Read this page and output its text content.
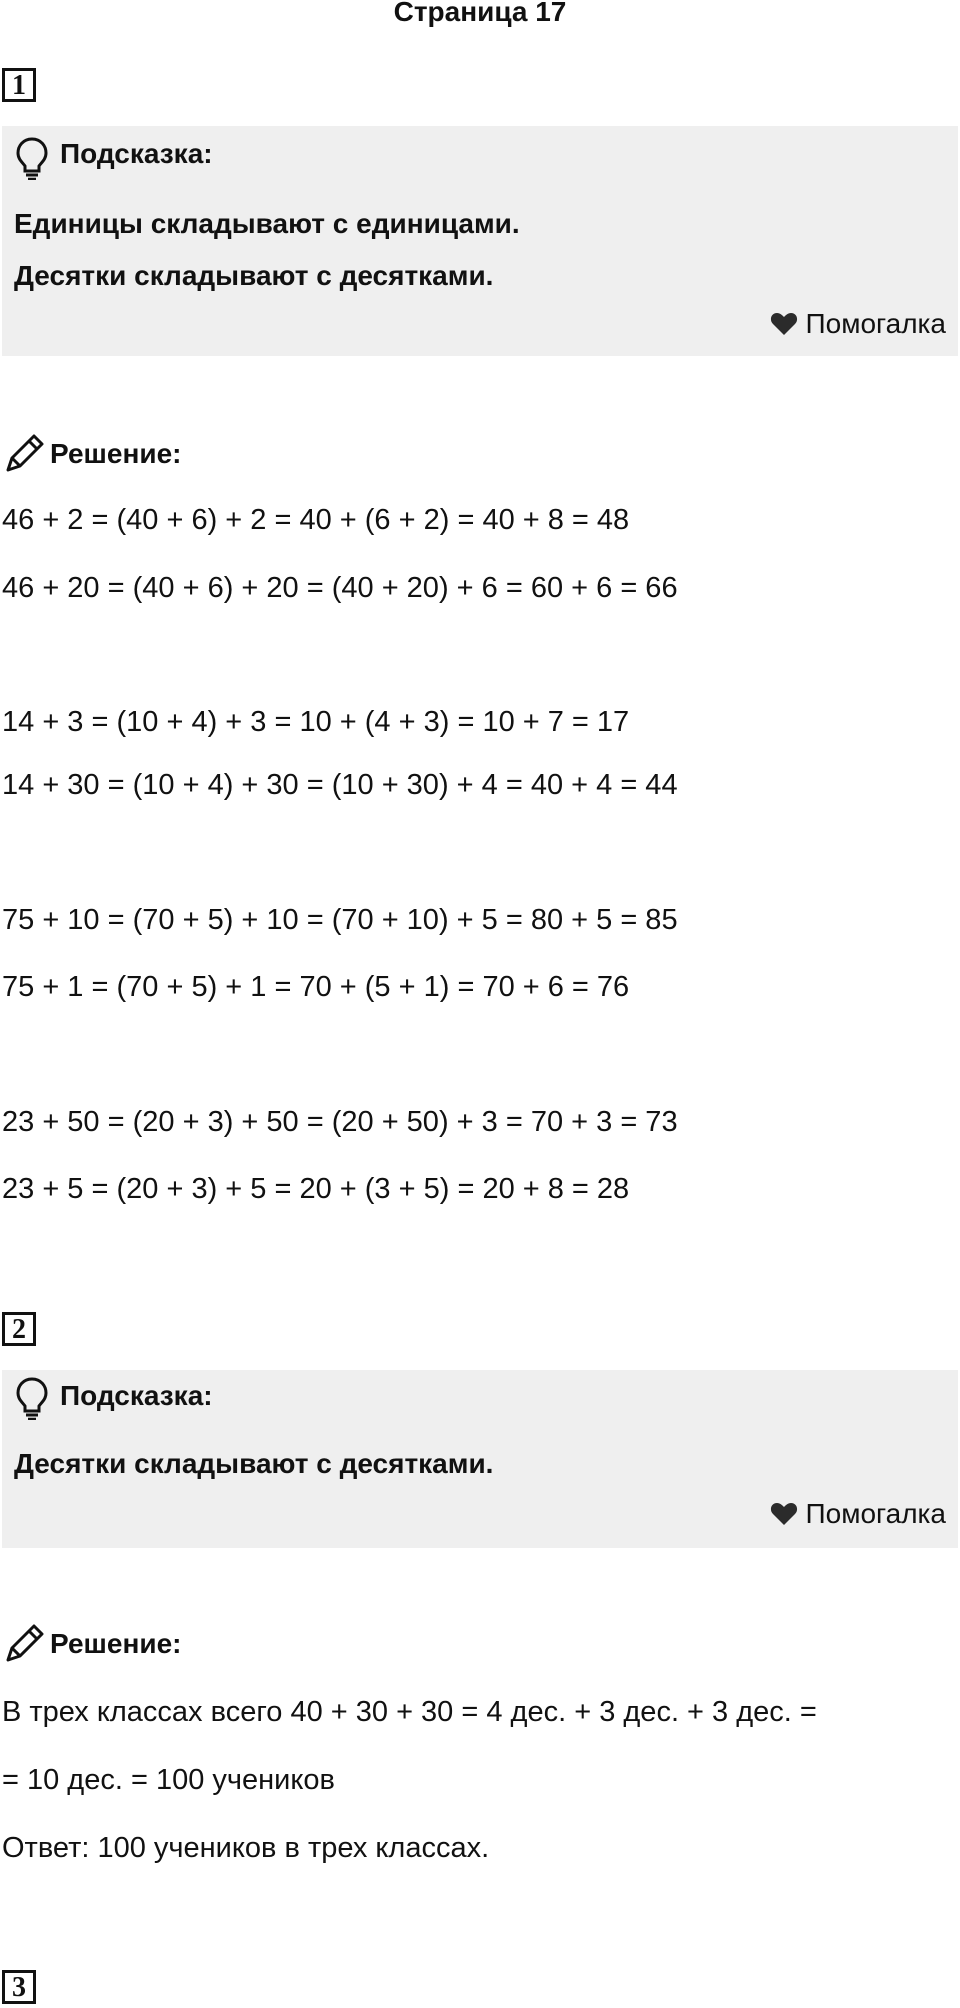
Страница 17
1
Подсказка:
Единицы складывают с единицами.
Десятки складывают с десятками.
Помогалка
Решение:
46 + 2 = (40 + 6) + 2 = 40 + (6 + 2) = 40 + 8 = 48
46 + 20 = (40 + 6) + 20 = (40 + 20) + 6 = 60 + 6 = 66
14 + 3 = (10 + 4) + 3 = 10 + (4 + 3) = 10 + 7 = 17
14 + 30 = (10 + 4) + 30 = (10 + 30) + 4 = 40 + 4 = 44
75 + 10 = (70 + 5) + 10 = (70 + 10) + 5 = 80 + 5 = 85
75 + 1 = (70 + 5) + 1 = 70 + (5 + 1) = 70 + 6 = 76
23 + 50 = (20 + 3) + 50 = (20 + 50) + 3 = 70 + 3 = 73
23 + 5 = (20 + 3) + 5 = 20 + (3 + 5) = 20 + 8 = 28
2
Подсказка:
Десятки складывают с десятками.
Помогалка
Решение:
В трех классах всего 40 + 30 + 30 = 4 дес. + 3 дес. + 3 дес. =
= 10 дес. = 100 учеников
Ответ: 100 учеников в трех классах.
3
